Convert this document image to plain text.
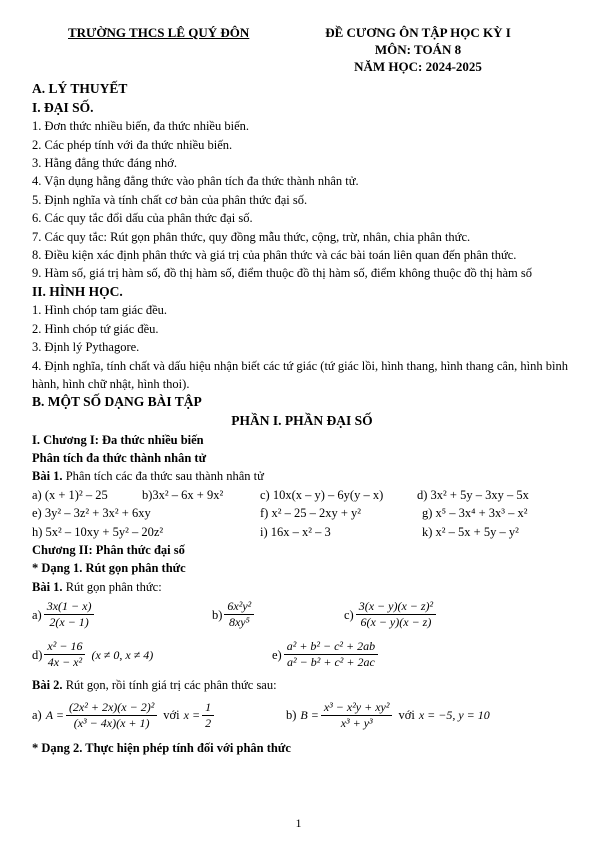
TRƯỜNG THCS LÊ QUÝ ĐÔN	ĐỀ CƯƠNG ÔN TẬP HỌC KỲ I
MÔN: TOÁN 8
NĂM HỌC: 2024-2025

A. LÝ THUYẾT

I. ĐẠI SỐ.

1. Đơn thức nhiều biến, đa thức nhiều biến.

2. Các phép tính với đa thức nhiều biến.

3. Hằng đẳng thức đáng nhớ.

4. Vận dụng hằng đẳng thức vào phân tích đa thức thành nhân tử.

5. Định nghĩa và tính chất cơ bản của phân thức đại số.

6. Các quy tắc đổi dấu của phân thức đại số.

7. Các quy tắc: Rút gọn phân thức, quy đồng mẫu thức, cộng, trừ, nhân, chia phân thức.

8. Điều kiện xác định phân thức và giá trị của phân thức và các bài toán liên quan đến phân thức.

9. Hàm số, giá trị hàm số, đồ thị hàm số, điểm thuộc đồ thị hàm số, điểm không thuộc đồ thị hàm số

II. HÌNH HỌC.

1. Hình chóp tam giác đều.

2. Hình chóp tứ giác đều.

3. Định lý Pythagore.

4. Định nghĩa, tính chất và dấu hiệu nhận biết các tứ giác (tứ giác lồi, hình thang, hình thang cân, hình bình hành, hình chữ nhật, hình thoi).

B. MỘT SỐ DẠNG BÀI TẬP

PHẦN I. PHẦN ĐẠI SỐ

I. Chương I: Đa thức nhiều biến

Phân tích đa thức thành nhân tử

Bài 1. Phân tích các đa thức sau thành nhân tử

a) (x + 1)² – 25	b)3x² – 6x + 9x²	c) 10x(x – y) – 6y(y – x)	d) 3x² + 5y – 3xy – 5x
e) 3y² – 3z² + 3x² + 6xy	f) x² – 25 – 2xy + y²	g) x⁵ – 3x⁴ + 3x³ – x²
h) 5x² – 10xy + 5y² – 20z²	i) 16x – x² – 3	k) x² – 5x + 5y – y²

Chương II: Phân thức đại số

* Dạng 1. Rút gọn phân thức

Bài 1. Rút gọn phân thức:

$a) \frac{3x(1 - x)}{2(x - 1)}$	$b) \frac{\text{6x²y²}}{\text{8xy⁵}}$	$c) \frac{\text{3(x − y)(x − z)²}}{6(x - y)(x - z)}$
$d) \frac{\text{x² − 16}}{\text{4x − x²}} (x \ne 0$, x ≠ 4)	$e) \frac{\text{a² + b² − c² + 2ab}}{\text{a² − b² + c² + 2ac}}$

Bài 2. Rút gọn, rồi tính giá trị các phân thức sau:

a) $A = \frac{\text{(2x² + 2x)(x − 2)²}}{\text{(x³ − 4x)(x + 1)}}$ với $x = \frac{1}{2}$	b) $B = \frac{\text{x³ − x²y + xy²}}{\text{x³ + y³}}$ với x = −5, y = 10

* Dạng 2. Thực hiện phép tính đối với phân thức

1
